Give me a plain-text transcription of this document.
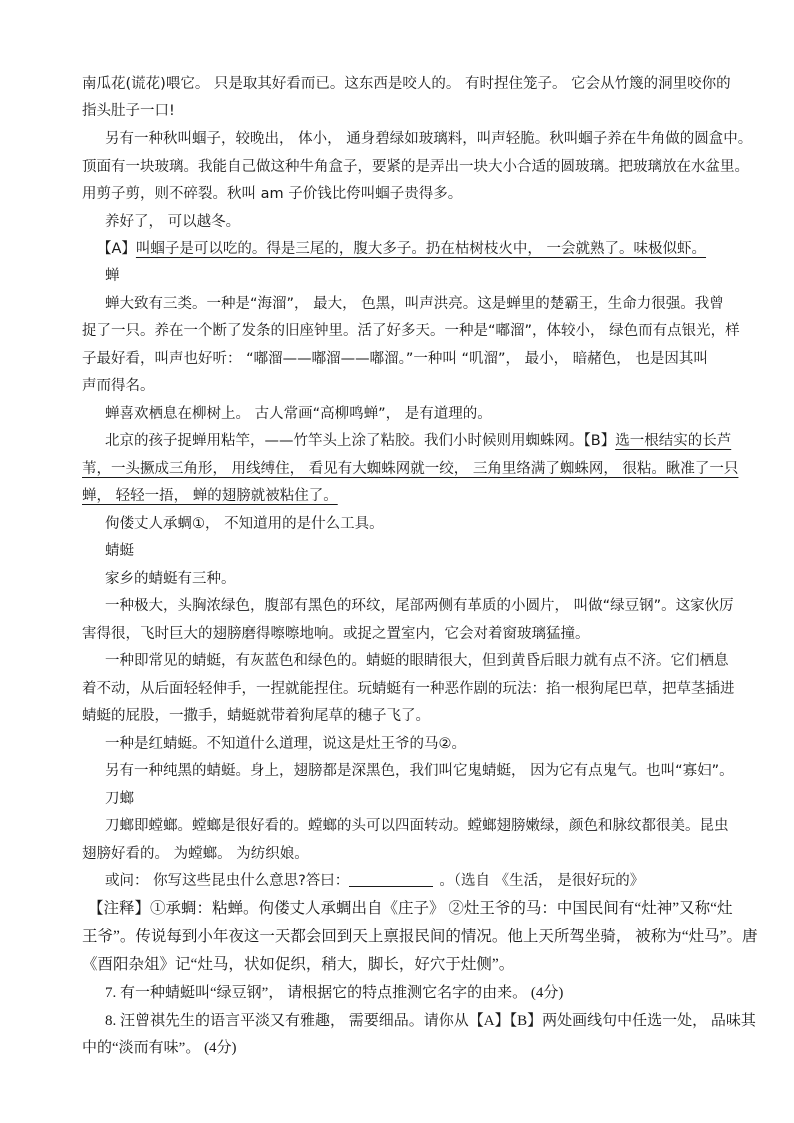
南瓜花(谎花)喂它。 只是取其好看而已。这东西是咬人的。 有时捏住笼子。 它会从竹篾的洞里咬你的
指头肚子一口!
另有一种秋叫蝈子，较晚出， 体小， 通身碧绿如玻璃料，叫声轻脆。秋叫蝈子养在牛角做的圆盒中。
顶面有一块玻璃。我能自己做这种牛角盒子，要紧的是弄出一块大小合适的圆玻璃。把玻璃放在水盆里。
用剪子剪，则不碎裂。秋叫 am 子价钱比侉叫蝈子贵得多。
养好了， 可以越冬。
【A】叫蝈子是可以吃的。得是三尾的，腹大多子。扔在枯树枝火中， 一会就熟了。味极似虾。
蝉
蝉大致有三类。一种是“海溜”， 最大， 色黑，叫声洪亮。这是蝉里的楚霸王，生命力很强。我曾
捉了一只。养在一个断了发条的旧座钟里。活了好多天。一种是“嘟溜”，体较小， 绿色而有点银光，样
子最好看，叫声也好听： “嘟溜——嘟溜——嘟溜。”一种叫 “叽溜”， 最小， 暗赭色， 也是因其叫
声而得名。
蝉喜欢栖息在柳树上。 古人常画“高柳鸣蝉”， 是有道理的。
北京的孩子捉蝉用粘竿，——竹竿头上涂了粘胶。我们小时候则用蜘蛛网。【B】选一根结实的长芦
苇，一头撅成三角形， 用线缚住， 看见有大蜘蛛网就一绞， 三角里络满了蜘蛛网， 很粘。瞅准了一只
蝉， 轻轻一捂， 蝉的翅膀就被粘住了。
佝偻丈人承蜩①， 不知道用的是什么工具。
蜻蜓
家乡的蜻蜓有三种。
一种极大，头胸浓绿色，腹部有黑色的环纹，尾部两侧有革质的小圆片， 叫做“绿豆钢”。这家伙厉
害得很，飞时巨大的翅膀磨得嚓嚓地响。或捉之置室内，它会对着窗玻璃猛撞。
一种即常见的蜻蜓，有灰蓝色和绿色的。蜻蜓的眼睛很大，但到黄昏后眼力就有点不济。它们栖息
着不动，从后面轻轻伸手，一捏就能捏住。玩蜻蜓有一种恶作剧的玩法：掐一根狗尾巴草，把草茎插进
蜻蜓的屁股，一撒手，蜻蜓就带着狗尾草的穗子飞了。
一种是红蜻蜓。不知道什么道理，说这是灶王爷的马②。
另有一种纯黑的蜻蜓。身上，翅膀都是深黑色，我们叫它鬼蜻蜓， 因为它有点鬼气。也叫“寡妇”。
刀螂
刀螂即螳螂。螳螂是很好看的。螳螂的头可以四面转动。螳螂翅膀嫩绿，颜色和脉纹都很美。昆虫
翅膀好看的。 为螳螂。 为纺织娘。
或问： 你写这些昆虫什么意思?答曰：	。（选自 《生活， 是很好玩的》
【注释】①承蜩：粘蝉。佝偻丈人承蜩出自《庄子》 ②灶王爷的马：中国民间有“灶神”又称“灶
王爷”。传说每到小年夜这一天都会回到天上禀报民间的情况。他上天所驾坐骑， 被称为“灶马”。唐
《酉阳杂俎》记“灶马，状如促织，稍大，脚长，好穴于灶侧”。
7. 有一种蜻蜓叫“绿豆钢”， 请根据它的特点推测它名字的由来。 (4分)
8. 汪曾祺先生的语言平淡又有雅趣， 需要细品。请你从【A】【B】两处画线句中任选一处， 品味其
中的“淡而有味”。 (4分)
